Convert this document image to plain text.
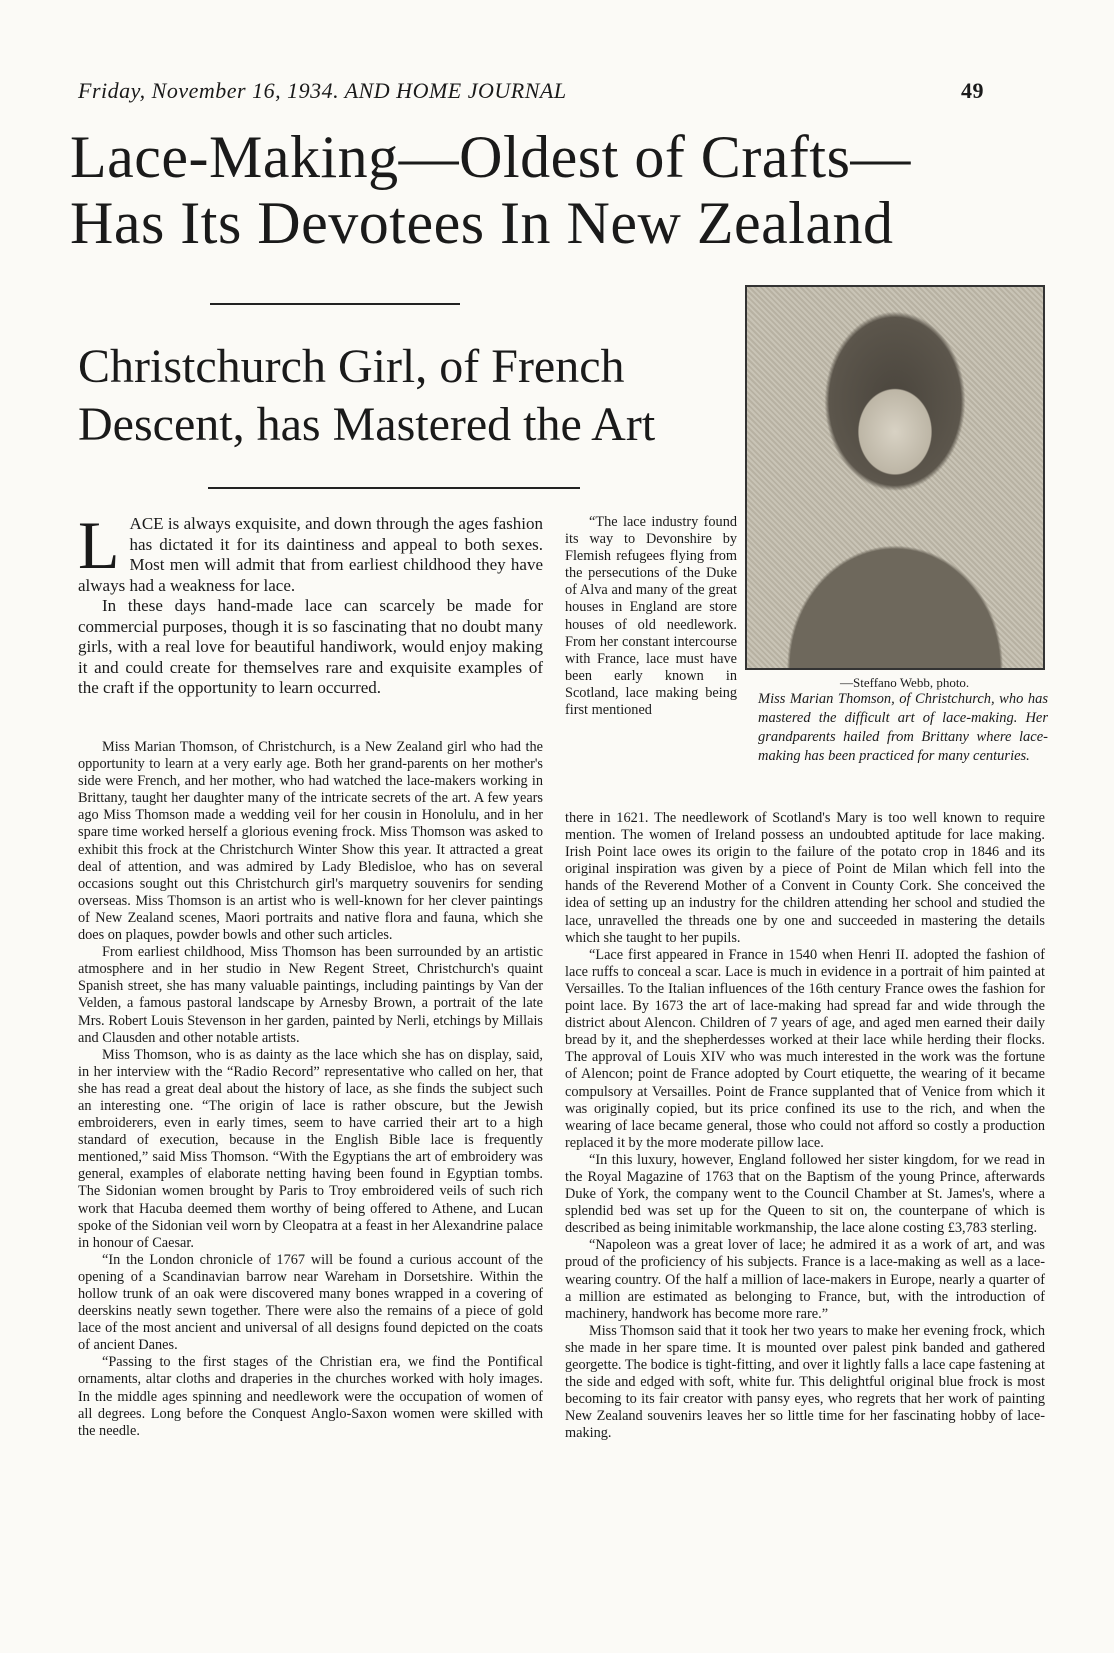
Friday, November 16, 1934. AND HOME JOURNAL	49
Lace-Making—Oldest of Crafts—
Has Its Devotees In New Zealand
Christchurch Girl, of French
Descent, has Mastered the Art
—Steffano Webb, photo.
Miss Marian Thomson, of Christchurch, who has mastered the difficult art of lace-making. Her grandparents hailed from Brittany where lace-making has been practiced for many centuries.
L ACE is always exquisite, and down through the ages fashion has dictated it for its daintiness and appeal to both sexes. Most men will admit that from earliest childhood they have always had a weakness for lace.

In these days hand-made lace can scarcely be made for commercial purposes, though it is so fascinating that no doubt many girls, with a real love for beautiful handiwork, would enjoy making it and could create for themselves rare and exquisite examples of the craft if the opportunity to learn occurred.

Miss Marian Thomson, of Christchurch, is a New Zealand girl who had the opportunity to learn at a very early age. Both her grand-parents on her mother's side were French, and her mother, who had watched the lace-makers working in Brittany, taught her daughter many of the intricate secrets of the art. A few years ago Miss Thomson made a wedding veil for her cousin in Honolulu, and in her spare time worked herself a glorious evening frock. Miss Thomson was asked to exhibit this frock at the Christchurch Winter Show this year. It attracted a great deal of attention, and was admired by Lady Bledisloe, who has on several occasions sought out this Christchurch girl's marquetry souvenirs for sending overseas. Miss Thomson is an artist who is well-known for her clever paintings of New Zealand scenes, Maori portraits and native flora and fauna, which she does on plaques, powder bowls and other such articles.

From earliest childhood, Miss Thomson has been surrounded by an artistic atmosphere and in her studio in New Regent Street, Christchurch's quaint Spanish street, she has many valuable paintings, including paintings by Van der Velden, a famous pastoral landscape by Arnesby Brown, a portrait of the late Mrs. Robert Louis Stevenson in her garden, painted by Nerli, etchings by Millais and Clausden and other notable artists.

Miss Thomson, who is as dainty as the lace which she has on display, said, in her interview with the “Radio Record” representative who called on her, that she has read a great deal about the history of lace, as she finds the subject such an interesting one. “The origin of lace is rather obscure, but the Jewish embroiderers, even in early times, seem to have carried their art to a high standard of execution, because in the English Bible lace is frequently mentioned,” said Miss Thomson. “With the Egyptians the art of embroidery was general, examples of elaborate netting having been found in Egyptian tombs. The Sidonian women brought by Paris to Troy embroidered veils of such rich work that Hacuba deemed them worthy of being offered to Athene, and Lucan spoke of the Sidonian veil worn by Cleopatra at a feast in her Alexandrine palace in honour of Caesar.

“In the London chronicle of 1767 will be found a curious account of the opening of a Scandinavian barrow near Wareham in Dorsetshire. Within the hollow trunk of an oak were discovered many bones wrapped in a covering of deerskins neatly sewn together. There were also the remains of a piece of gold lace of the most ancient and universal of all designs found depicted on the coats of ancient Danes.

“Passing to the first stages of the Christian era, we find the Pontifical ornaments, altar cloths and draperies in the churches worked with holy images. In the middle ages spinning and needlework were the occupation of women of all degrees. Long before the Conquest Anglo-Saxon women were skilled with the needle.

“The lace industry found its way to Devonshire by Flemish refugees flying from the persecutions of the Duke of Alva and many of the great houses in England are store houses of old needlework. From her constant intercourse with France, lace must have been early known in Scotland, lace making being first mentioned

there in 1621. The needlework of Scotland's Mary is too well known to require mention. The women of Ireland possess an undoubted aptitude for lace making. Irish Point lace owes its origin to the failure of the potato crop in 1846 and its original inspiration was given by a piece of Point de Milan which fell into the hands of the Reverend Mother of a Convent in County Cork. She conceived the idea of setting up an industry for the children attending her school and studied the lace, unravelled the threads one by one and succeeded in mastering the details which she taught to her pupils.

“Lace first appeared in France in 1540 when Henri II. adopted the fashion of lace ruffs to conceal a scar. Lace is much in evidence in a portrait of him painted at Versailles. To the Italian influences of the 16th century France owes the fashion for point lace. By 1673 the art of lace-making had spread far and wide through the district about Alencon. Children of 7 years of age, and aged men earned their daily bread by it, and the shepherdesses worked at their lace while herding their flocks. The approval of Louis XIV who was much interested in the work was the fortune of Alencon; point de France adopted by Court etiquette, the wearing of it became compulsory at Versailles. Point de France supplanted that of Venice from which it was originally copied, but its price confined its use to the rich, and when the wearing of lace became general, those who could not afford so costly a production replaced it by the more moderate pillow lace.

“In this luxury, however, England followed her sister kingdom, for we read in the Royal Magazine of 1763 that on the Baptism of the young Prince, afterwards Duke of York, the company went to the Council Chamber at St. James's, where a splendid bed was set up for the Queen to sit on, the counterpane of which is described as being inimitable workmanship, the lace alone costing £3,783 sterling.

“Napoleon was a great lover of lace; he admired it as a work of art, and was proud of the proficiency of his subjects. France is a lace-making as well as a lace-wearing country. Of the half a million of lace-makers in Europe, nearly a quarter of a million are estimated as belonging to France, but, with the introduction of machinery, handwork has become more rare.”

Miss Thomson said that it took her two years to make her evening frock, which she made in her spare time. It is mounted over palest pink banded and gathered georgette. The bodice is tight-fitting, and over it lightly falls a lace cape fastening at the side and edged with soft, white fur. This delightful original blue frock is most becoming to its fair creator with pansy eyes, who regrets that her work of painting New Zealand souvenirs leaves her so little time for her fascinating hobby of lace-making.
